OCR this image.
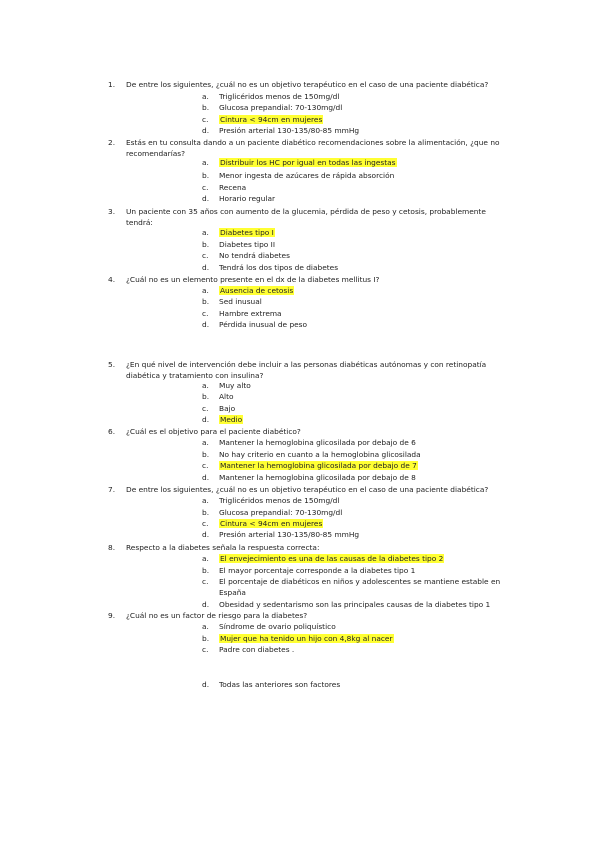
1. De entre los siguientes, ¿cuál no es un objetivo terapéutico en el caso de una paciente diabética?
a. Triglicéridos menos de 150mg/dl
b. Glucosa prepandial: 70-130mg/dl
c. Cintura < 94cm en mujeres
d. Presión arterial 130-135/80-85 mmHg
2. Estás en tu consulta dando a un paciente diabético recomendaciones sobre la alimentación, ¿que no recomendarías?
a. Distribuir los HC por igual en todas las ingestas
b. Menor ingesta de azúcares de rápida absorción
c. Recena
d. Horario regular
3. Un paciente con 35 años con aumento de la glucemia, pérdida de peso y cetosis, probablemente tendrá:
a. Diabetes tipo I
b. Diabetes tipo II
c. No tendrá diabetes
d. Tendrá los dos tipos de diabetes
4. ¿Cuál no es un elemento presente en el dx de la diabetes mellitus I?
a. Ausencia de cetosis
b. Sed inusual
c. Hambre extrema
d. Pérdida inusual de peso
5. ¿En qué nivel de intervención debe incluir a las personas diabéticas autónomas y con retinopatía diabética y tratamiento con insulina?
a. Muy alto
b. Alto
c. Bajo
d. Medio
6. ¿Cuál es el objetivo para el paciente diabético?
a. Mantener la hemoglobina glicosilada por debajo de 6
b. No hay criterio en cuanto a la hemoglobina glicosilada
c. Mantener la hemoglobina glicosilada por debajo de 7
d. Mantener la hemoglobina glicosilada por debajo de 8
7. De entre los siguientes, ¿cuál no es un objetivo terapéutico en el caso de una paciente diabética?
a. Triglicéridos menos de 150mg/dl
b. Glucosa prepandial: 70-130mg/dl
c. Cintura < 94cm en mujeres
d. Presión arterial 130-135/80-85 mmHg
8. Respecto a la diabetes señala la respuesta correcta:
a. El envejecimiento es una de las causas de la diabetes tipo 2
b. El mayor porcentaje corresponde a la diabetes tipo 1
c. El porcentaje de diabéticos en niños y adolescentes se mantiene estable en España
d. Obesidad y sedentarismo son las principales causas de la diabetes tipo 1
9. ¿Cuál no es un factor de riesgo para la diabetes?
a. Síndrome de ovario poliquístico
b. Mujer que ha tenido un hijo con 4,8kg al nacer
c. Padre con diabetes .
d. Todas las anteriores son factores
